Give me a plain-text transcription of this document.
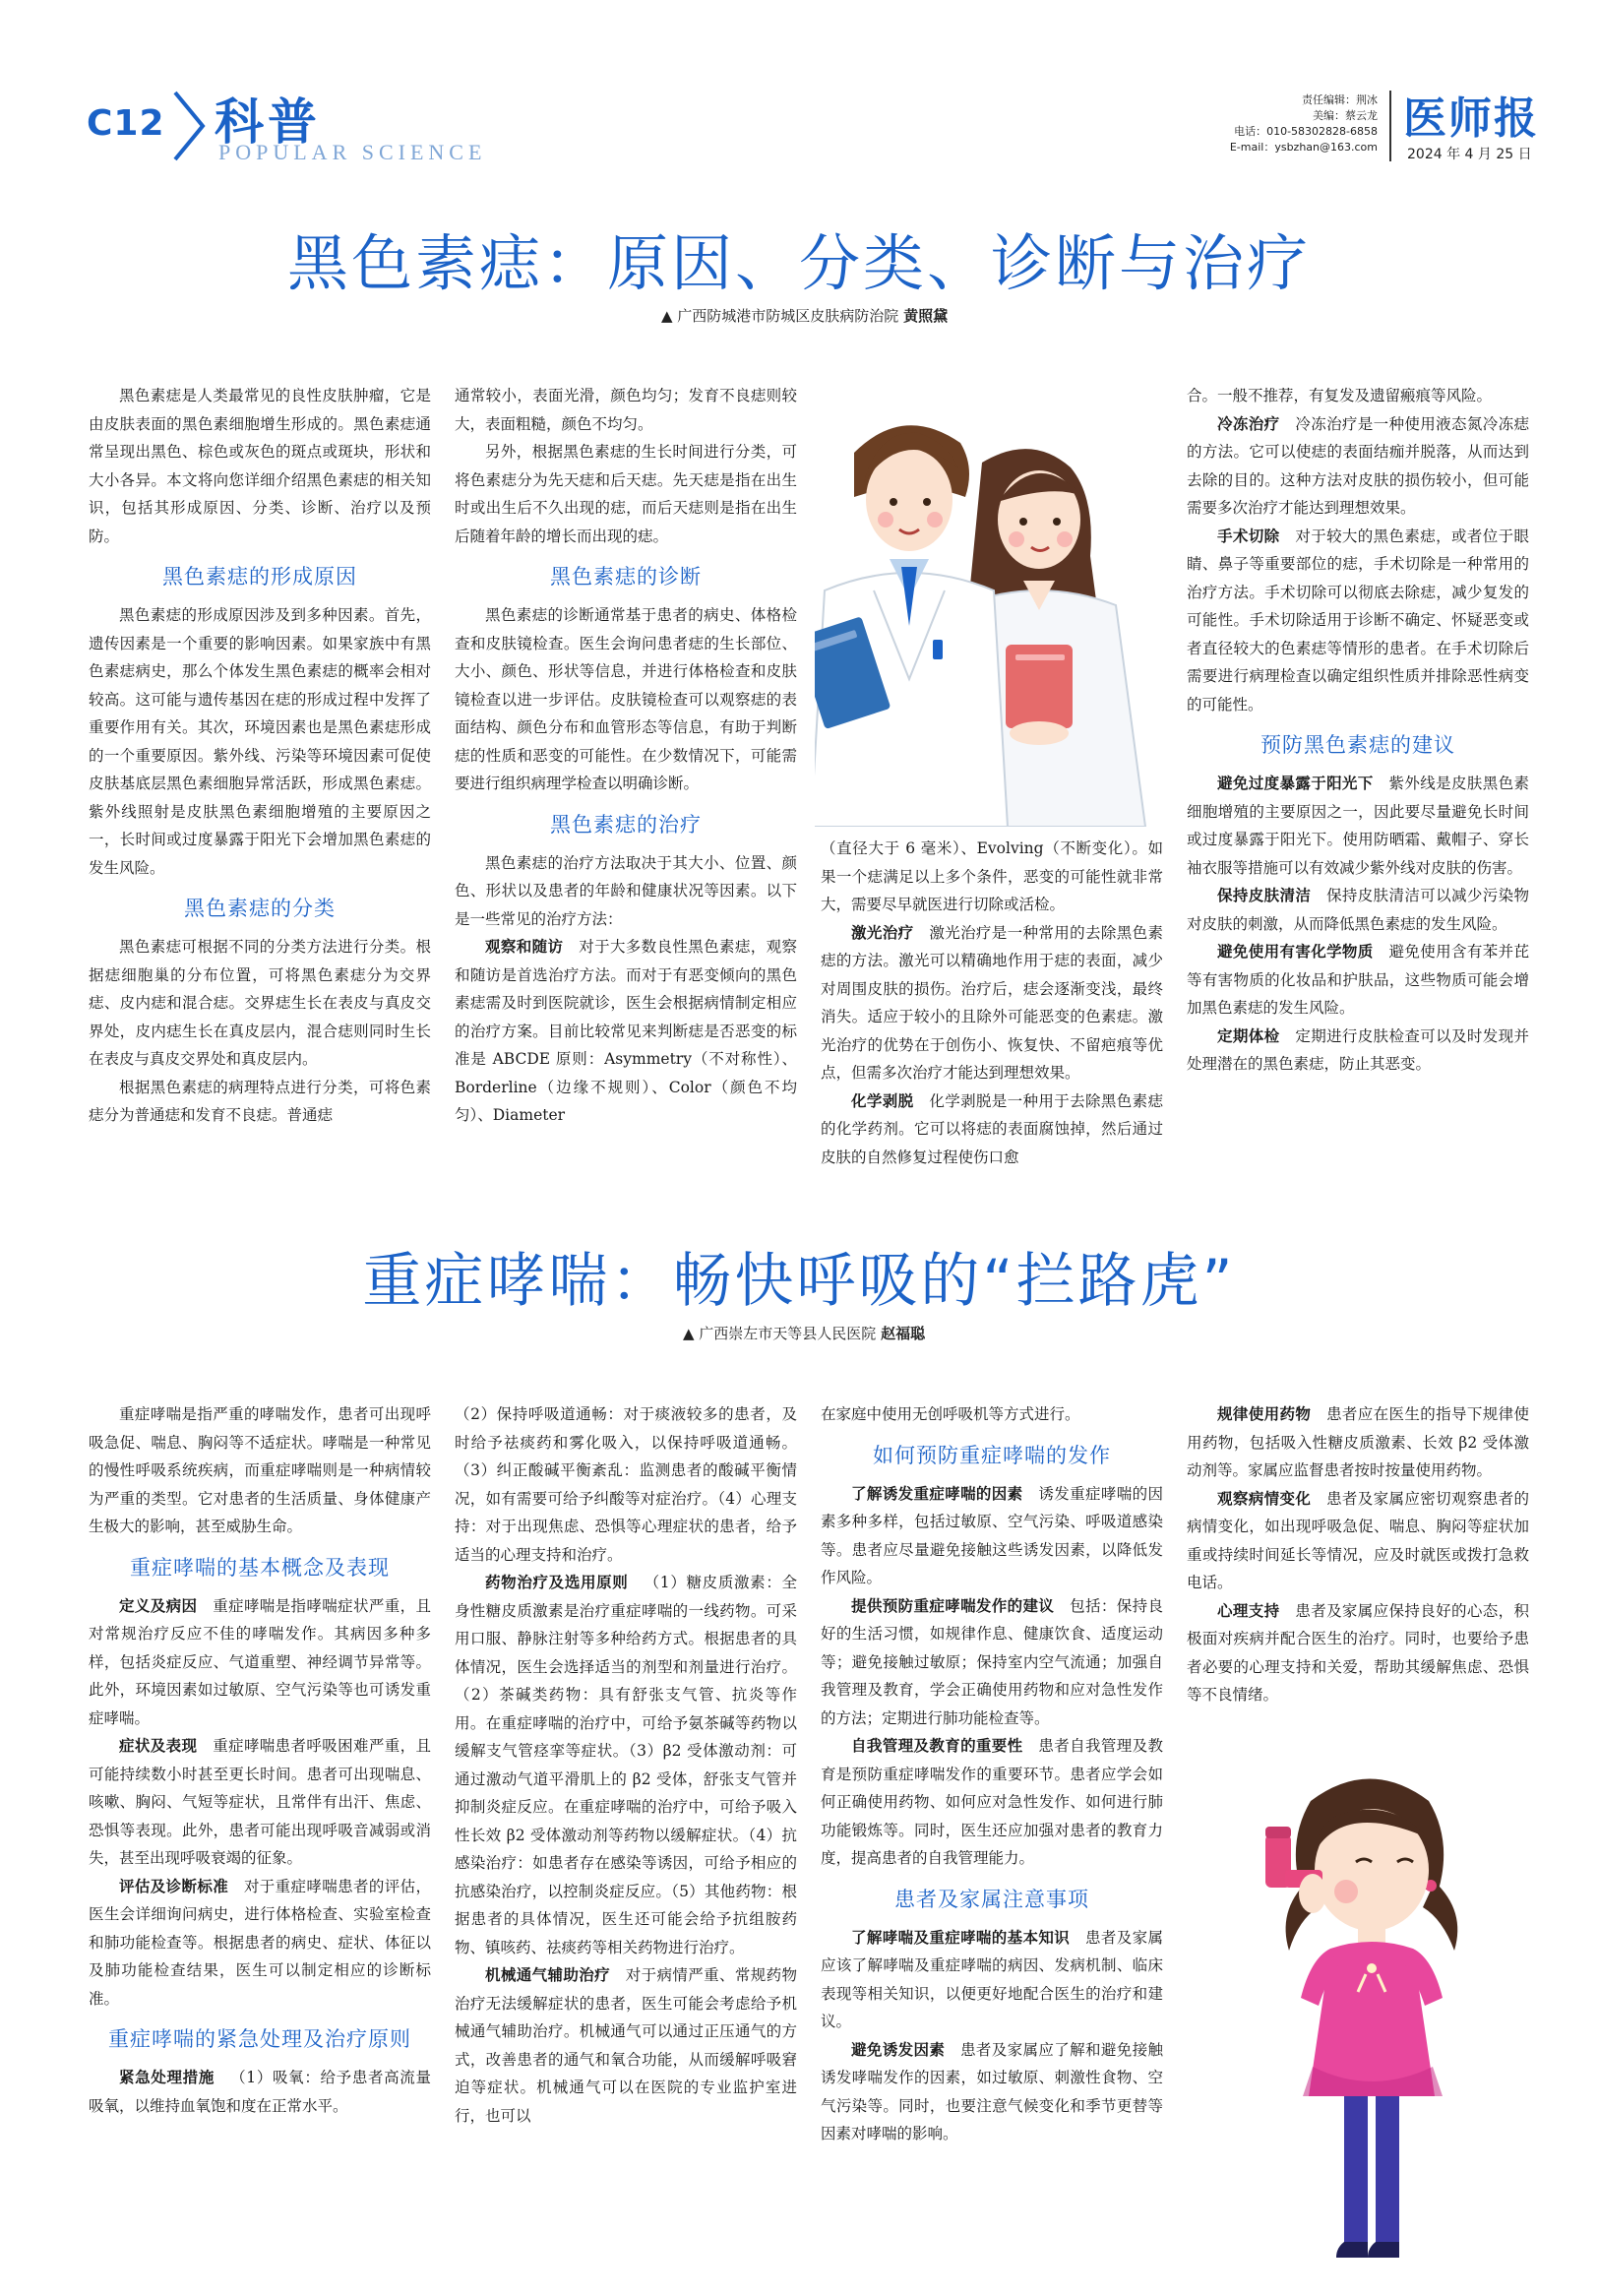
C12 科普
POPULAR SCIENCE
责任编辑：荆冰
美编：蔡云龙
电话：010-58302828-6858
E-mail：ysbzhan@163.com
医师报
2024 年 4 月 25 日
黑色素痣：原因、分类、诊断与治疗
▲ 广西防城港市防城区皮肤病防治院 黄照黛

黑色素痣是人类最常见的良性皮肤肿瘤，它是由皮肤表面的黑色素细胞增生形成的。黑色素痣通常呈现出黑色、棕色或灰色的斑点或斑块，形状和大小各异。本文将向您详细介绍黑色素痣的相关知识，包括其形成原因、分类、诊断、治疗以及预防。

黑色素痣的形成原因

黑色素痣的形成原因涉及到多种因素。首先，遗传因素是一个重要的影响因素。如果家族中有黑色素痣病史，那么个体发生黑色素痣的概率会相对较高。这可能与遗传基因在痣的形成过程中发挥了重要作用有关。其次，环境因素也是黑色素痣形成的一个重要原因。紫外线、污染等环境因素可促使皮肤基底层黑色素细胞异常活跃，形成黑色素痣。紫外线照射是皮肤黑色素细胞增殖的主要原因之一，长时间或过度暴露于阳光下会增加黑色素痣的发生风险。

黑色素痣的分类

黑色素痣可根据不同的分类方法进行分类。根据痣细胞巢的分布位置，可将黑色素痣分为交界痣、皮内痣和混合痣。交界痣生长在表皮与真皮交界处，皮内痣生长在真皮层内，混合痣则同时生长在表皮与真皮交界处和真皮层内。

根据黑色素痣的病理特点进行分类，可将色素痣分为普通痣和发育不良痣。普通痣

通常较小，表面光滑，颜色均匀；发育不良痣则较大，表面粗糙，颜色不均匀。

另外，根据黑色素痣的生长时间进行分类，可将色素痣分为先天痣和后天痣。先天痣是指在出生时或出生后不久出现的痣，而后天痣则是指在出生后随着年龄的增长而出现的痣。

黑色素痣的诊断

黑色素痣的诊断通常基于患者的病史、体格检查和皮肤镜检查。医生会询问患者痣的生长部位、大小、颜色、形状等信息，并进行体格检查和皮肤镜检查以进一步评估。皮肤镜检查可以观察痣的表面结构、颜色分布和血管形态等信息，有助于判断痣的性质和恶变的可能性。在少数情况下，可能需要进行组织病理学检查以明确诊断。

黑色素痣的治疗

黑色素痣的治疗方法取决于其大小、位置、颜色、形状以及患者的年龄和健康状况等因素。以下是一些常见的治疗方法：

观察和随访  对于大多数良性黑色素痣，观察和随访是首选治疗方法。而对于有恶变倾向的黑色素痣需及时到医院就诊，医生会根据病情制定相应的治疗方案。目前比较常见来判断痣是否恶变的标准是 ABCDE 原则：Asymmetry（不对称性）、Borderline（边缘不规则）、Color（颜色不均匀）、Diameter

（直径大于 6 毫米）、Evolving（不断变化）。如果一个痣满足以上多个条件，恶变的可能性就非常大，需要尽早就医进行切除或活检。

激光治疗  激光治疗是一种常用的去除黑色素痣的方法。激光可以精确地作用于痣的表面，减少对周围皮肤的损伤。治疗后，痣会逐渐变浅，最终消失。适应于较小的且除外可能恶变的色素痣。激光治疗的优势在于创伤小、恢复快、不留疤痕等优点，但需多次治疗才能达到理想效果。

化学剥脱  化学剥脱是一种用于去除黑色素痣的化学药剂。它可以将痣的表面腐蚀掉，然后通过皮肤的自然修复过程使伤口愈

合。一般不推荐，有复发及遗留瘢痕等风险。

冷冻治疗  冷冻治疗是一种使用液态氮冷冻痣的方法。它可以使痣的表面结痂并脱落，从而达到去除的目的。这种方法对皮肤的损伤较小，但可能需要多次治疗才能达到理想效果。

手术切除  对于较大的黑色素痣，或者位于眼睛、鼻子等重要部位的痣，手术切除是一种常用的治疗方法。手术切除可以彻底去除痣，减少复发的可能性。手术切除适用于诊断不确定、怀疑恶变或者直径较大的色素痣等情形的患者。在手术切除后需要进行病理检查以确定组织性质并排除恶性病变的可能性。

预防黑色素痣的建议

避免过度暴露于阳光下  紫外线是皮肤黑色素细胞增殖的主要原因之一，因此要尽量避免长时间或过度暴露于阳光下。使用防晒霜、戴帽子、穿长袖衣服等措施可以有效减少紫外线对皮肤的伤害。

保持皮肤清洁  保持皮肤清洁可以减少污染物对皮肤的刺激，从而降低黑色素痣的发生风险。

避免使用有害化学物质  避免使用含有苯并芘等有害物质的化妆品和护肤品，这些物质可能会增加黑色素痣的发生风险。

定期体检  定期进行皮肤检查可以及时发现并处理潜在的黑色素痣，防止其恶变。

重症哮喘：畅快呼吸的“拦路虎”
▲ 广西崇左市天等县人民医院 赵福聪

重症哮喘是指严重的哮喘发作，患者可出现呼吸急促、喘息、胸闷等不适症状。哮喘是一种常见的慢性呼吸系统疾病，而重症哮喘则是一种病情较为严重的类型。它对患者的生活质量、身体健康产生极大的影响，甚至威胁生命。

重症哮喘的基本概念及表现

定义及病因  重症哮喘是指哮喘症状严重，且对常规治疗反应不佳的哮喘发作。其病因多种多样，包括炎症反应、气道重塑、神经调节异常等。此外，环境因素如过敏原、空气污染等也可诱发重症哮喘。

症状及表现  重症哮喘患者呼吸困难严重，且可能持续数小时甚至更长时间。患者可出现喘息、咳嗽、胸闷、气短等症状，且常伴有出汗、焦虑、恐惧等表现。此外，患者可能出现呼吸音减弱或消失，甚至出现呼吸衰竭的征象。

评估及诊断标准  对于重症哮喘患者的评估，医生会详细询问病史，进行体格检查、实验室检查和肺功能检查等。根据患者的病史、症状、体征以及肺功能检查结果，医生可以制定相应的诊断标准。

重症哮喘的紧急处理及治疗原则

紧急处理措施  （1）吸氧：给予患者高流量吸氧，以维持血氧饱和度在正常水平。

（2）保持呼吸道通畅：对于痰液较多的患者，及时给予祛痰药和雾化吸入，以保持呼吸道通畅。（3）纠正酸碱平衡紊乱：监测患者的酸碱平衡情况，如有需要可给予纠酸等对症治疗。（4）心理支持：对于出现焦虑、恐惧等心理症状的患者，给予适当的心理支持和治疗。

药物治疗及选用原则  （1）糖皮质激素：全身性糖皮质激素是治疗重症哮喘的一线药物。可采用口服、静脉注射等多种给药方式。根据患者的具体情况，医生会选择适当的剂型和剂量进行治疗。（2）茶碱类药物：具有舒张支气管、抗炎等作用。在重症哮喘的治疗中，可给予氨茶碱等药物以缓解支气管痉挛等症状。（3）β2 受体激动剂：可通过激动气道平滑肌上的 β2 受体，舒张支气管并抑制炎症反应。在重症哮喘的治疗中，可给予吸入性长效 β2 受体激动剂等药物以缓解症状。（4）抗感染治疗：如患者存在感染等诱因，可给予相应的抗感染治疗，以控制炎症反应。（5）其他药物：根据患者的具体情况，医生还可能会给予抗组胺药物、镇咳药、祛痰药等相关药物进行治疗。

机械通气辅助治疗  对于病情严重、常规药物治疗无法缓解症状的患者，医生可能会考虑给予机械通气辅助治疗。机械通气可以通过正压通气的方式，改善患者的通气和氧合功能，从而缓解呼吸窘迫等症状。机械通气可以在医院的专业监护室进行，也可以

在家庭中使用无创呼吸机等方式进行。

如何预防重症哮喘的发作

了解诱发重症哮喘的因素  诱发重症哮喘的因素多种多样，包括过敏原、空气污染、呼吸道感染等。患者应尽量避免接触这些诱发因素，以降低发作风险。

提供预防重症哮喘发作的建议  包括：保持良好的生活习惯，如规律作息、健康饮食、适度运动等；避免接触过敏原；保持室内空气流通；加强自我管理及教育，学会正确使用药物和应对急性发作的方法；定期进行肺功能检查等。

自我管理及教育的重要性  患者自我管理及教育是预防重症哮喘发作的重要环节。患者应学会如何正确使用药物、如何应对急性发作、如何进行肺功能锻炼等。同时，医生还应加强对患者的教育力度，提高患者的自我管理能力。

患者及家属注意事项

了解哮喘及重症哮喘的基本知识  患者及家属应该了解哮喘及重症哮喘的病因、发病机制、临床表现等相关知识，以便更好地配合医生的治疗和建议。

避免诱发因素  患者及家属应了解和避免接触诱发哮喘发作的因素，如过敏原、刺激性食物、空气污染等。同时，也要注意气候变化和季节更替等因素对哮喘的影响。

规律使用药物  患者应在医生的指导下规律使用药物，包括吸入性糖皮质激素、长效 β2 受体激动剂等。家属应监督患者按时按量使用药物。

观察病情变化  患者及家属应密切观察患者的病情变化，如出现呼吸急促、喘息、胸闷等症状加重或持续时间延长等情况，应及时就医或拨打急救电话。

心理支持  患者及家属应保持良好的心态，积极面对疾病并配合医生的治疗。同时，也要给予患者必要的心理支持和关爱，帮助其缓解焦虑、恐惧等不良情绪。
